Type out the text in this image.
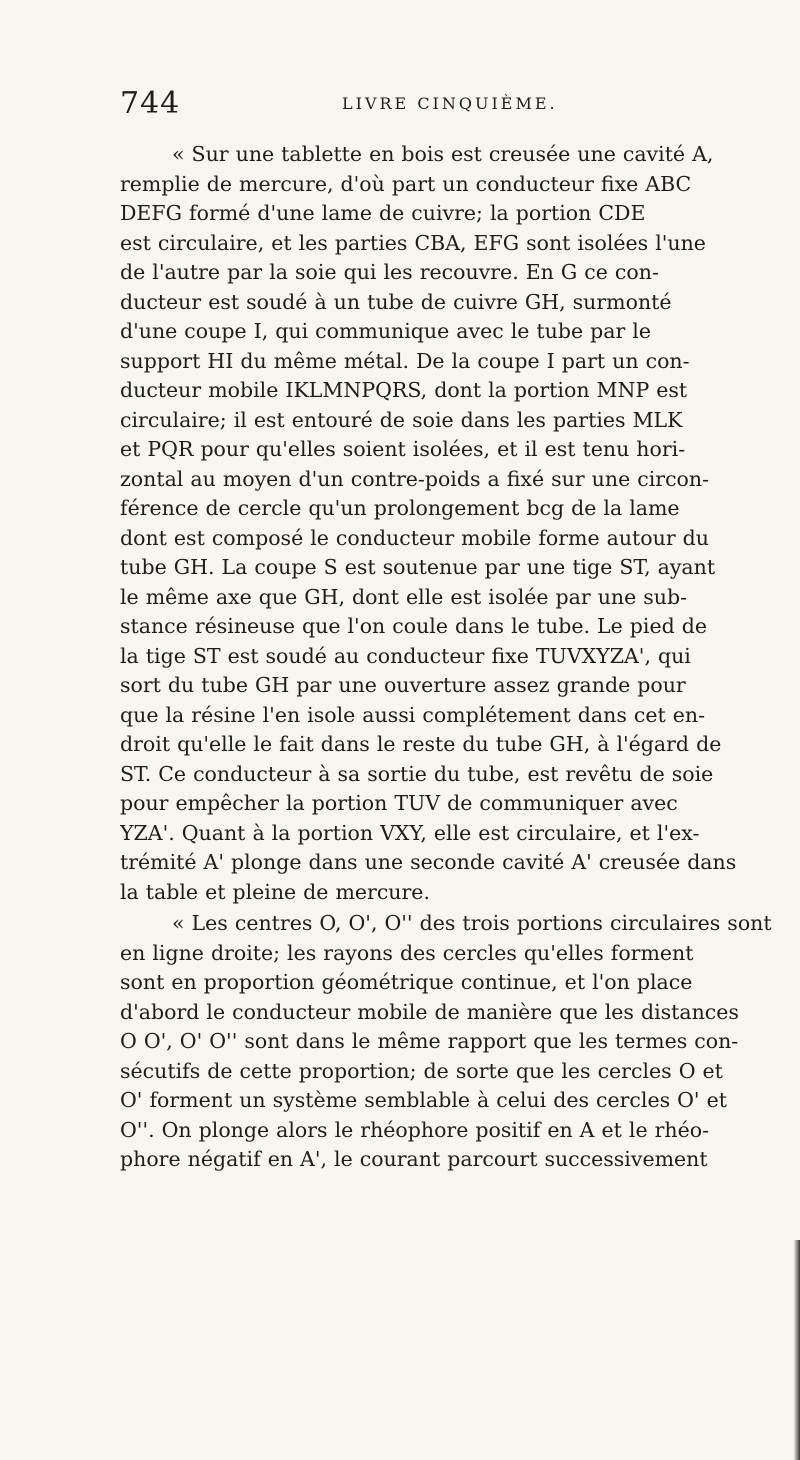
744	LIVRE CINQUIÈME.
« Sur une tablette en bois est creusée une cavité A,
remplie de mercure, d'où part un conducteur fixe ABC
DEFG formé d'une lame de cuivre; la portion CDE
est circulaire, et les parties CBA, EFG sont isolées l'une
de l'autre par la soie qui les recouvre. En G ce con-
ducteur est soudé à un tube de cuivre GH, surmonté
d'une coupe I, qui communique avec le tube par le
support HI du même métal. De la coupe I part un con-
ducteur mobile IKLMNPQRS, dont la portion MNP est
circulaire; il est entouré de soie dans les parties MLK
et PQR pour qu'elles soient isolées, et il est tenu hori-
zontal au moyen d'un contre-poids a fixé sur une circon-
férence de cercle qu'un prolongement bcg de la lame
dont est composé le conducteur mobile forme autour du
tube GH. La coupe S est soutenue par une tige ST, ayant
le même axe que GH, dont elle est isolée par une sub-
stance résineuse que l'on coule dans le tube. Le pied de
la tige ST est soudé au conducteur fixe TUVXYZA', qui
sort du tube GH par une ouverture assez grande pour
que la résine l'en isole aussi complétement dans cet en-
droit qu'elle le fait dans le reste du tube GH, à l'égard de
ST. Ce conducteur à sa sortie du tube, est revêtu de soie
pour empêcher la portion TUV de communiquer avec
YZA'. Quant à la portion VXY, elle est circulaire, et l'ex-
trémité A' plonge dans une seconde cavité A' creusée dans
la table et pleine de mercure.
« Les centres O, O', O'' des trois portions circulaires sont
en ligne droite; les rayons des cercles qu'elles forment
sont en proportion géométrique continue, et l'on place
d'abord le conducteur mobile de manière que les distances
O O', O' O'' sont dans le même rapport que les termes con-
sécutifs de cette proportion; de sorte que les cercles O et
O' forment un système semblable à celui des cercles O' et
O''. On plonge alors le rhéophore positif en A et le rhéo-
phore négatif en A', le courant parcourt successivement
